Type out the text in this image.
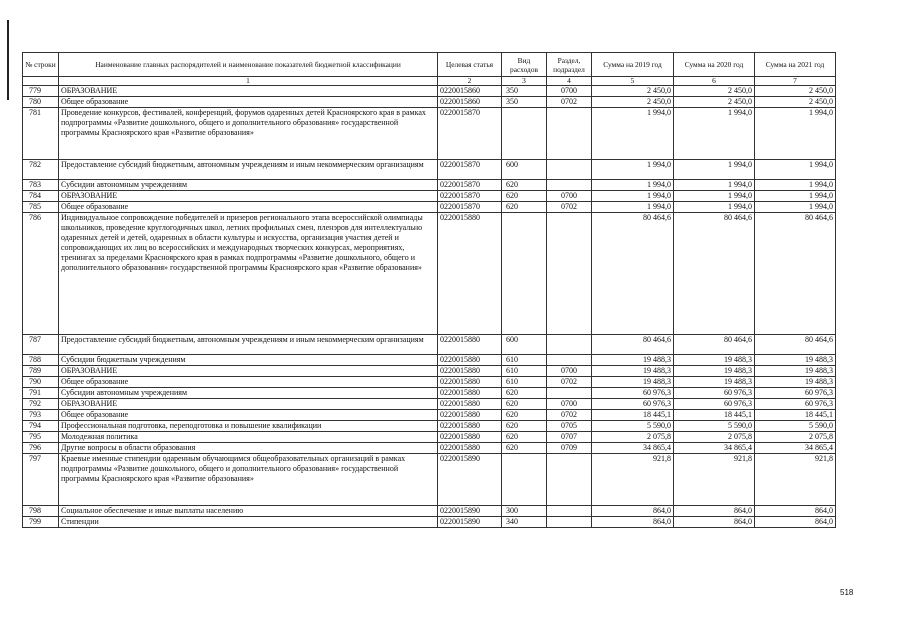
№ строки	Наименование главных распорядителей и наименование показателей бюджетной классификации	Целевая статья	Вид расходов	Раздел, подраздел	Сумма на 2019 год	Сумма на 2020 год	Сумма на 2021 год
	1	2	3	4	5	6	7
779	ОБРАЗОВАНИЕ	0220015860	350	0700	2 450,0	2 450,0	2 450,0
780	Общее образование	0220015860	350	0702	2 450,0	2 450,0	2 450,0
781	Проведение конкурсов, фестивалей, конференций, форумов одаренных детей Красноярского края в рамках подпрограммы «Развитие дошкольного, общего и дополнительного образования» государственной программы Красноярского края «Развитие образования»	0220015870			1 994,0	1 994,0	1 994,0
782	Предоставление субсидий бюджетным, автономным учреждениям и иным некоммерческим организациям	0220015870	600		1 994,0	1 994,0	1 994,0
783	Субсидии автономным учреждениям	0220015870	620		1 994,0	1 994,0	1 994,0
784	ОБРАЗОВАНИЕ	0220015870	620	0700	1 994,0	1 994,0	1 994,0
785	Общее образование	0220015870	620	0702	1 994,0	1 994,0	1 994,0
786	Индивидуальное сопровождение победителей и призеров регионального этапа всероссийской олимпиады школьников, проведение круглогодичных школ, летних профильных смен, пленэров для интеллектуально одаренных детей и детей, одаренных в области культуры и искусства, организация участия детей и сопровождающих их лиц во всероссийских и международных творческих конкурсах, мероприятиях, тренингах за пределами Красноярского края в рамках подпрограммы «Развитие дошкольного, общего и дополнительного образования» государственной программы Красноярского края «Развитие образования»	0220015880			80 464,6	80 464,6	80 464,6
787	Предоставление субсидий бюджетным, автономным учреждениям и иным некоммерческим организациям	0220015880	600		80 464,6	80 464,6	80 464,6
788	Субсидии бюджетным учреждениям	0220015880	610		19 488,3	19 488,3	19 488,3
789	ОБРАЗОВАНИЕ	0220015880	610	0700	19 488,3	19 488,3	19 488,3
790	Общее образование	0220015880	610	0702	19 488,3	19 488,3	19 488,3
791	Субсидии автономным учреждениям	0220015880	620		60 976,3	60 976,3	60 976,3
792	ОБРАЗОВАНИЕ	0220015880	620	0700	60 976,3	60 976,3	60 976,3
793	Общее образование	0220015880	620	0702	18 445,1	18 445,1	18 445,1
794	Профессиональная подготовка, переподготовка и повышение квалификации	0220015880	620	0705	5 590,0	5 590,0	5 590,0
795	Молодежная политика	0220015880	620	0707	2 075,8	2 075,8	2 075,8
796	Другие вопросы в области образования	0220015880	620	0709	34 865,4	34 865,4	34 865,4
797	Краевые именные стипендии одаренным обучающимся общеобразовательных организаций в рамках подпрограммы «Развитие дошкольного, общего и дополнительного образования» государственной программы Красноярского края «Развитие образования»	0220015890			921,8	921,8	921,8
798	Социальное обеспечение и иные выплаты населению	0220015890	300		864,0	864,0	864,0
799	Стипендии	0220015890	340		864,0	864,0	864,0
518
